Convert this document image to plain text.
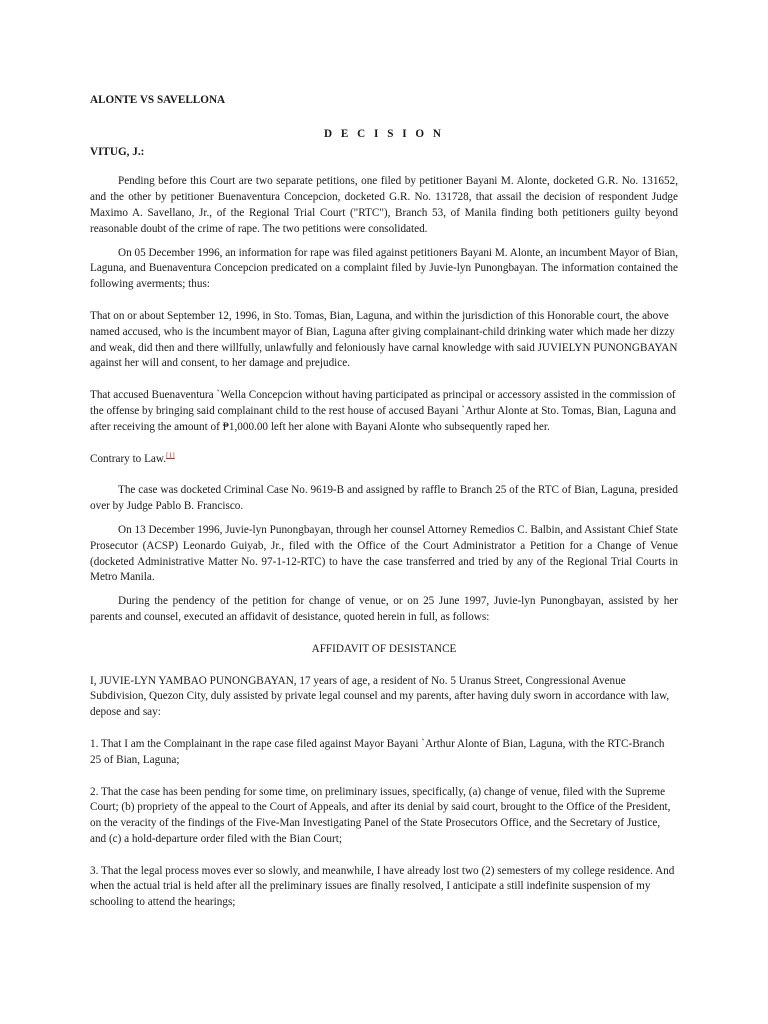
ALONTE VS SAVELLONA
D E C I S I O N
VITUG, J.:

Pending before this Court are two separate petitions, one filed by petitioner Bayani M. Alonte, docketed G.R. No. 131652, and the other by petitioner Buenaventura Concepcion, docketed G.R. No. 131728, that assail the decision of respondent Judge Maximo A. Savellano, Jr., of the Regional Trial Court ("RTC"), Branch 53, of Manila finding both petitioners guilty beyond reasonable doubt of the crime of rape. The two petitions were consolidated.

On 05 December 1996, an information for rape was filed against petitioners Bayani M. Alonte, an incumbent Mayor of Bian, Laguna, and Buenaventura Concepcion predicated on a complaint filed by Juvie-lyn Punongbayan. The information contained the following averments; thus:

That on or about September 12, 1996, in Sto. Tomas, Bian, Laguna, and within the jurisdiction of this Honorable court, the above named accused, who is the incumbent mayor of Bian, Laguna after giving complainant-child drinking water which made her dizzy and weak, did then and there willfully, unlawfully and feloniously have carnal knowledge with said JUVIELYN PUNONGBAYAN against her will and consent, to her damage and prejudice.

That accused Buenaventura `Wella Concepcion without having participated as principal or accessory assisted in the commission of the offense by bringing said complainant child to the rest house of accused Bayani `Arthur Alonte at Sto. Tomas, Bian, Laguna and after receiving the amount of ₱1,000.00 left her alone with Bayani Alonte who subsequently raped her.

Contrary to Law.[1]

The case was docketed Criminal Case No. 9619-B and assigned by raffle to Branch 25 of the RTC of Bian, Laguna, presided over by Judge Pablo B. Francisco.

On 13 December 1996, Juvie-lyn Punongbayan, through her counsel Attorney Remedios C. Balbin, and Assistant Chief State Prosecutor (ACSP) Leonardo Guiyab, Jr., filed with the Office of the Court Administrator a Petition for a Change of Venue (docketed Administrative Matter No. 97-1-12-RTC) to have the case transferred and tried by any of the Regional Trial Courts in Metro Manila.

During the pendency of the petition for change of venue, or on 25 June 1997, Juvie-lyn Punongbayan, assisted by her parents and counsel, executed an affidavit of desistance, quoted herein in full, as follows:

AFFIDAVIT OF DESISTANCE

I, JUVIE-LYN YAMBAO PUNONGBAYAN, 17 years of age, a resident of No. 5 Uranus Street, Congressional Avenue Subdivision, Quezon City, duly assisted by private legal counsel and my parents, after having duly sworn in accordance with law, depose and say:

1. That I am the Complainant in the rape case filed against Mayor Bayani `Arthur Alonte of Bian, Laguna, with the RTC-Branch 25 of Bian, Laguna;

2. That the case has been pending for some time, on preliminary issues, specifically, (a) change of venue, filed with the Supreme Court; (b) propriety of the appeal to the Court of Appeals, and after its denial by said court, brought to the Office of the President, on the veracity of the findings of the Five-Man Investigating Panel of the State Prosecutors Office, and the Secretary of Justice, and (c) a hold-departure order filed with the Bian Court;

3. That the legal process moves ever so slowly, and meanwhile, I have already lost two (2) semesters of my college residence. And when the actual trial is held after all the preliminary issues are finally resolved, I anticipate a still indefinite suspension of my schooling to attend the hearings;
